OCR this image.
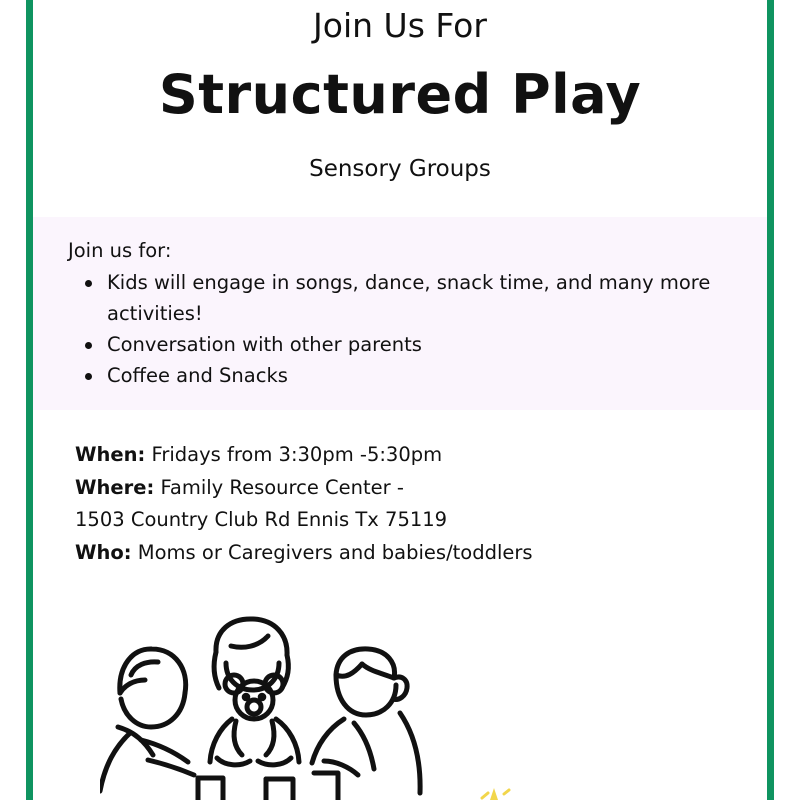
Join Us For
Structured Play
Sensory Groups
Join us for:
Kids will engage in songs, dance, snack time, and many more activities!
Conversation with other parents
Coffee and Snacks
When: Fridays from 3:30pm -5:30pm
Where: Family Resource Center -
1503 Country Club Rd Ennis Tx 75119
Who: Moms or Caregivers and babies/toddlers
